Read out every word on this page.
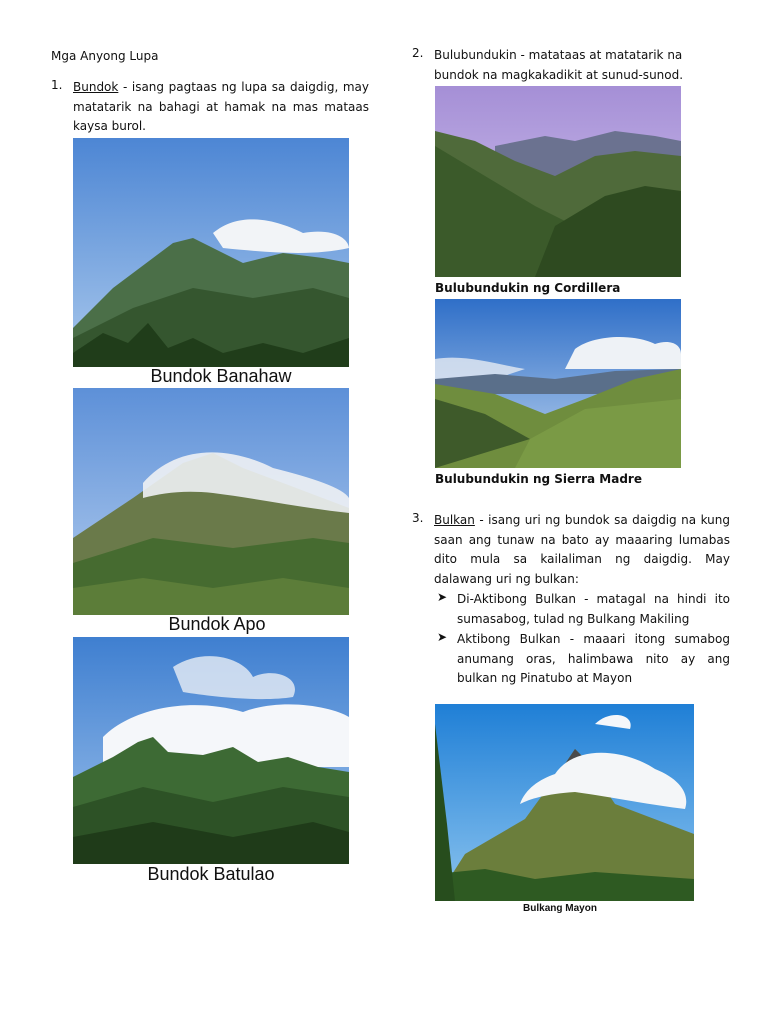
Mga Anyong Lupa
1. Bundok - isang pagtaas ng lupa sa daigdig, may matatarik na bahagi at hamak na mas mataas kaysa burol.
Bundok Banahaw
Bundok Apo
Bundok Batulao
2. Bulubundukin - matataas at matatarik na bundok na magkakadikit at sunud-sunod.
Bulubundukin ng Cordillera
Bulubundukin ng Sierra Madre
3. Bulkan - isang uri ng bundok sa daigdig na kung saan ang tunaw na bato ay maaaring lumabas dito mula sa kailaliman ng daigdig. May dalawang uri ng bulkan:
➤ Di-Aktibong Bulkan - matagal na hindi ito sumasabog, tulad ng Bulkang Makiling
➤ Aktibong Bulkan - maaari itong sumabog anumang oras, halimbawa nito ay ang bulkan ng Pinatubo at Mayon
Bulkang Mayon
